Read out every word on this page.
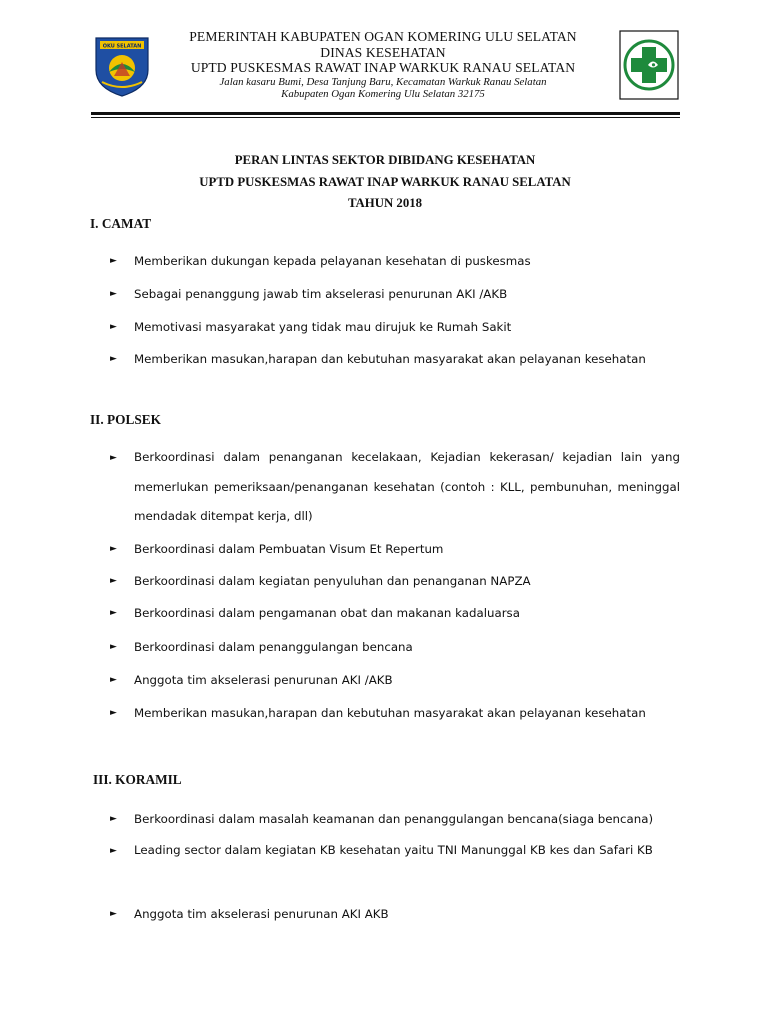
OKU SELATAN
PEMERINTAH KABUPATEN OGAN KOMERING ULU SELATAN
DINAS KESEHATAN
UPTD PUSKESMAS RAWAT INAP WARKUK RANAU SELATAN
Jalan kasaru Bumi, Desa Tanjung Baru, Kecamatan Warkuk Ranau Selatan
Kabupaten Ogan Komering Ulu Selatan 32175
PERAN LINTAS SEKTOR DIBIDANG KESEHATAN
UPTD PUSKESMAS RAWAT INAP WARKUK RANAU SELATAN
TAHUN 2018
I. CAMAT
► Memberikan dukungan kepada pelayanan kesehatan di puskesmas
► Sebagai penanggung jawab tim akselerasi penurunan AKI /AKB
► Memotivasi masyarakat yang tidak mau dirujuk ke Rumah Sakit
► Memberikan masukan,harapan dan kebutuhan masyarakat akan pelayanan kesehatan
II. POLSEK
► Berkoordinasi dalam penanganan kecelakaan, Kejadian kekerasan/ kejadian lain yang memerlukan pemeriksaan/penanganan kesehatan (contoh : KLL, pembunuhan, meninggal mendadak ditempat kerja, dll)
► Berkoordinasi dalam Pembuatan Visum Et Repertum
► Berkoordinasi dalam kegiatan penyuluhan dan penanganan NAPZA
► Berkoordinasi dalam pengamanan obat dan makanan kadaluarsa
► Berkoordinasi dalam penanggulangan bencana
► Anggota tim akselerasi penurunan AKI /AKB
► Memberikan masukan,harapan dan kebutuhan masyarakat akan pelayanan kesehatan
III. KORAMIL
► Berkoordinasi dalam masalah keamanan dan penanggulangan bencana(siaga bencana)
► Leading sector dalam kegiatan KB kesehatan yaitu TNI Manunggal KB kes dan Safari KB
► Anggota tim akselerasi penurunan AKI AKB
